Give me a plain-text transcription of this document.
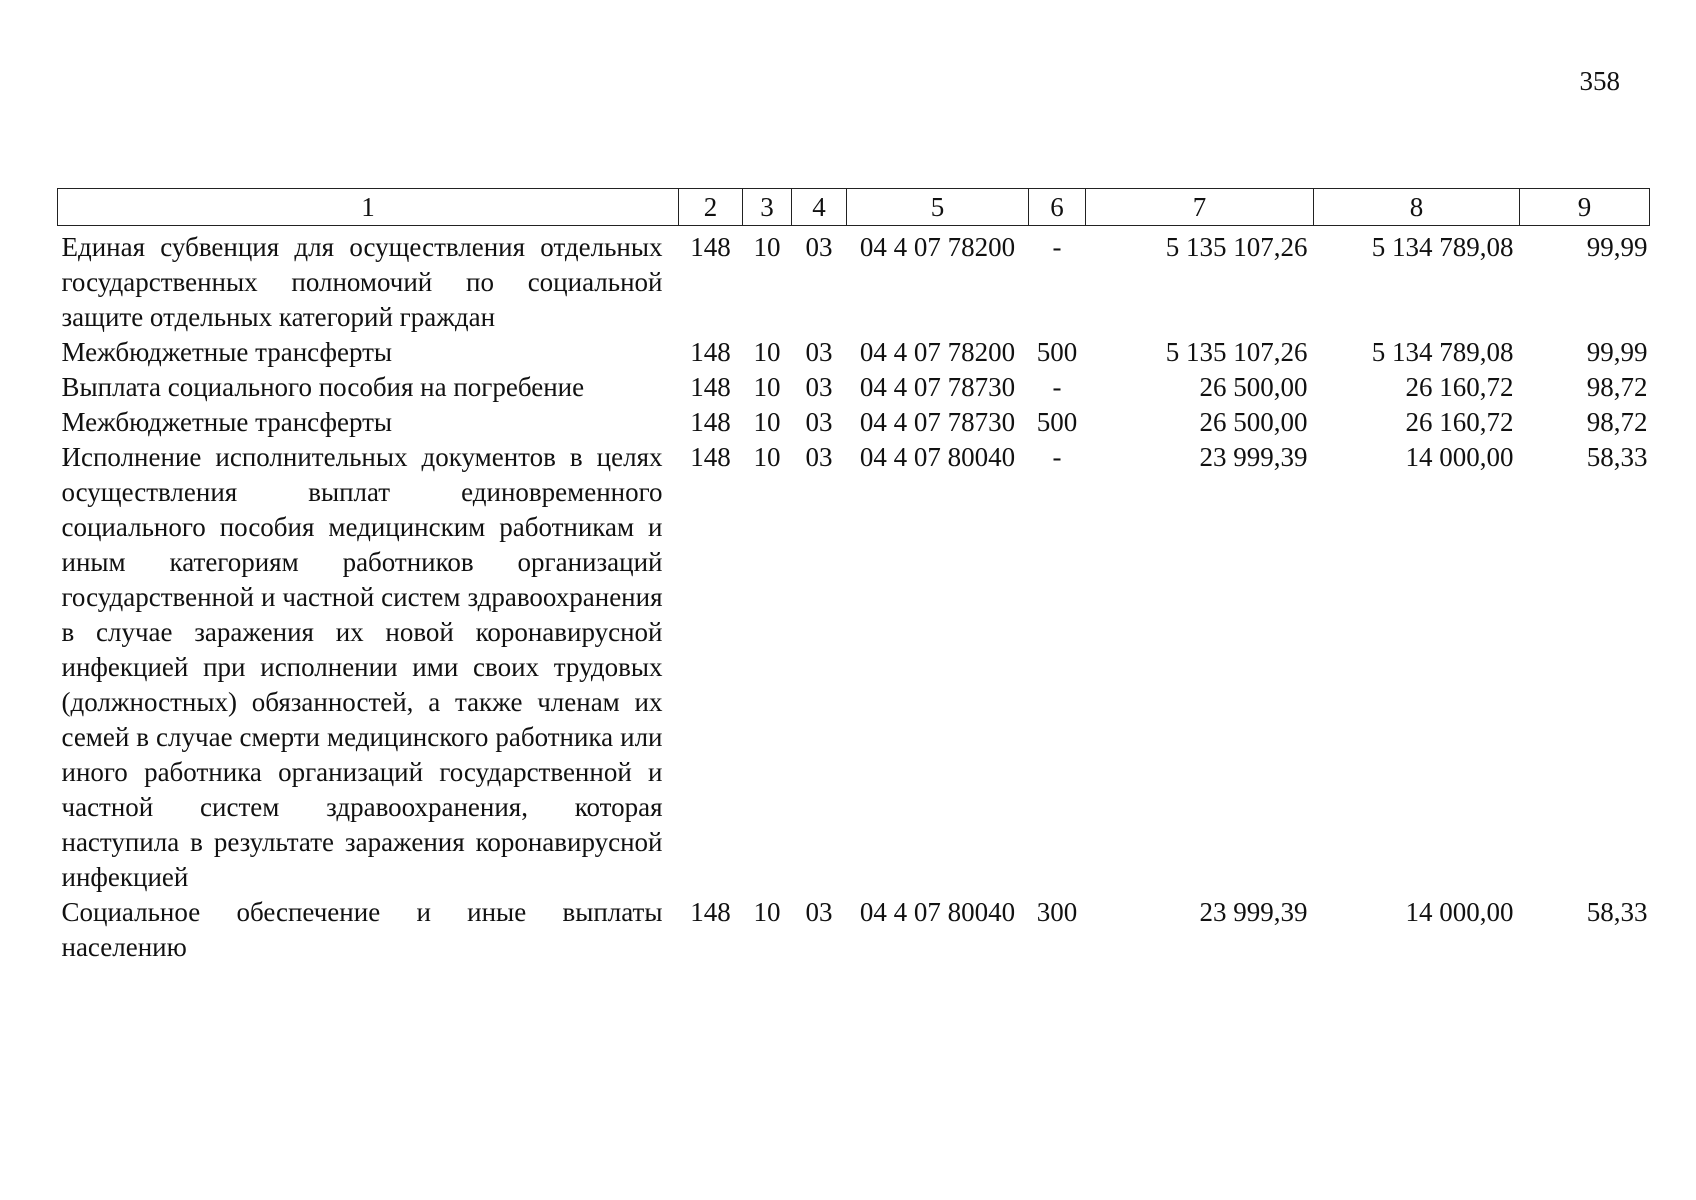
358
1	2	3	4	5	6	7	8	9
Единая субвенция для осуществления отдельных государственных полномочий по социальной защите отдельных категорий граждан	148	10	03	04 4 07 78200	-	5 135 107,26	5 134 789,08	99,99
Межбюджетные трансферты	148	10	03	04 4 07 78200	500	5 135 107,26	5 134 789,08	99,99
Выплата социального пособия на погребение	148	10	03	04 4 07 78730	-	26 500,00	26 160,72	98,72
Межбюджетные трансферты	148	10	03	04 4 07 78730	500	26 500,00	26 160,72	98,72
Исполнение исполнительных документов в целях осуществления выплат единовременного социального пособия медицинским работникам и иным категориям работников организаций государственной и частной систем здравоохранения в случае заражения их новой коронавирусной инфекцией при исполнении ими своих трудовых (должностных) обязанностей, а также членам их семей в случае смерти медицинского работника или иного работника организаций государственной и частной систем здравоохранения, которая наступила в результате заражения коронавирусной инфекцией	148	10	03	04 4 07 80040	-	23 999,39	14 000,00	58,33
Социальное обеспечение и иные выплаты населению	148	10	03	04 4 07 80040	300	23 999,39	14 000,00	58,33
